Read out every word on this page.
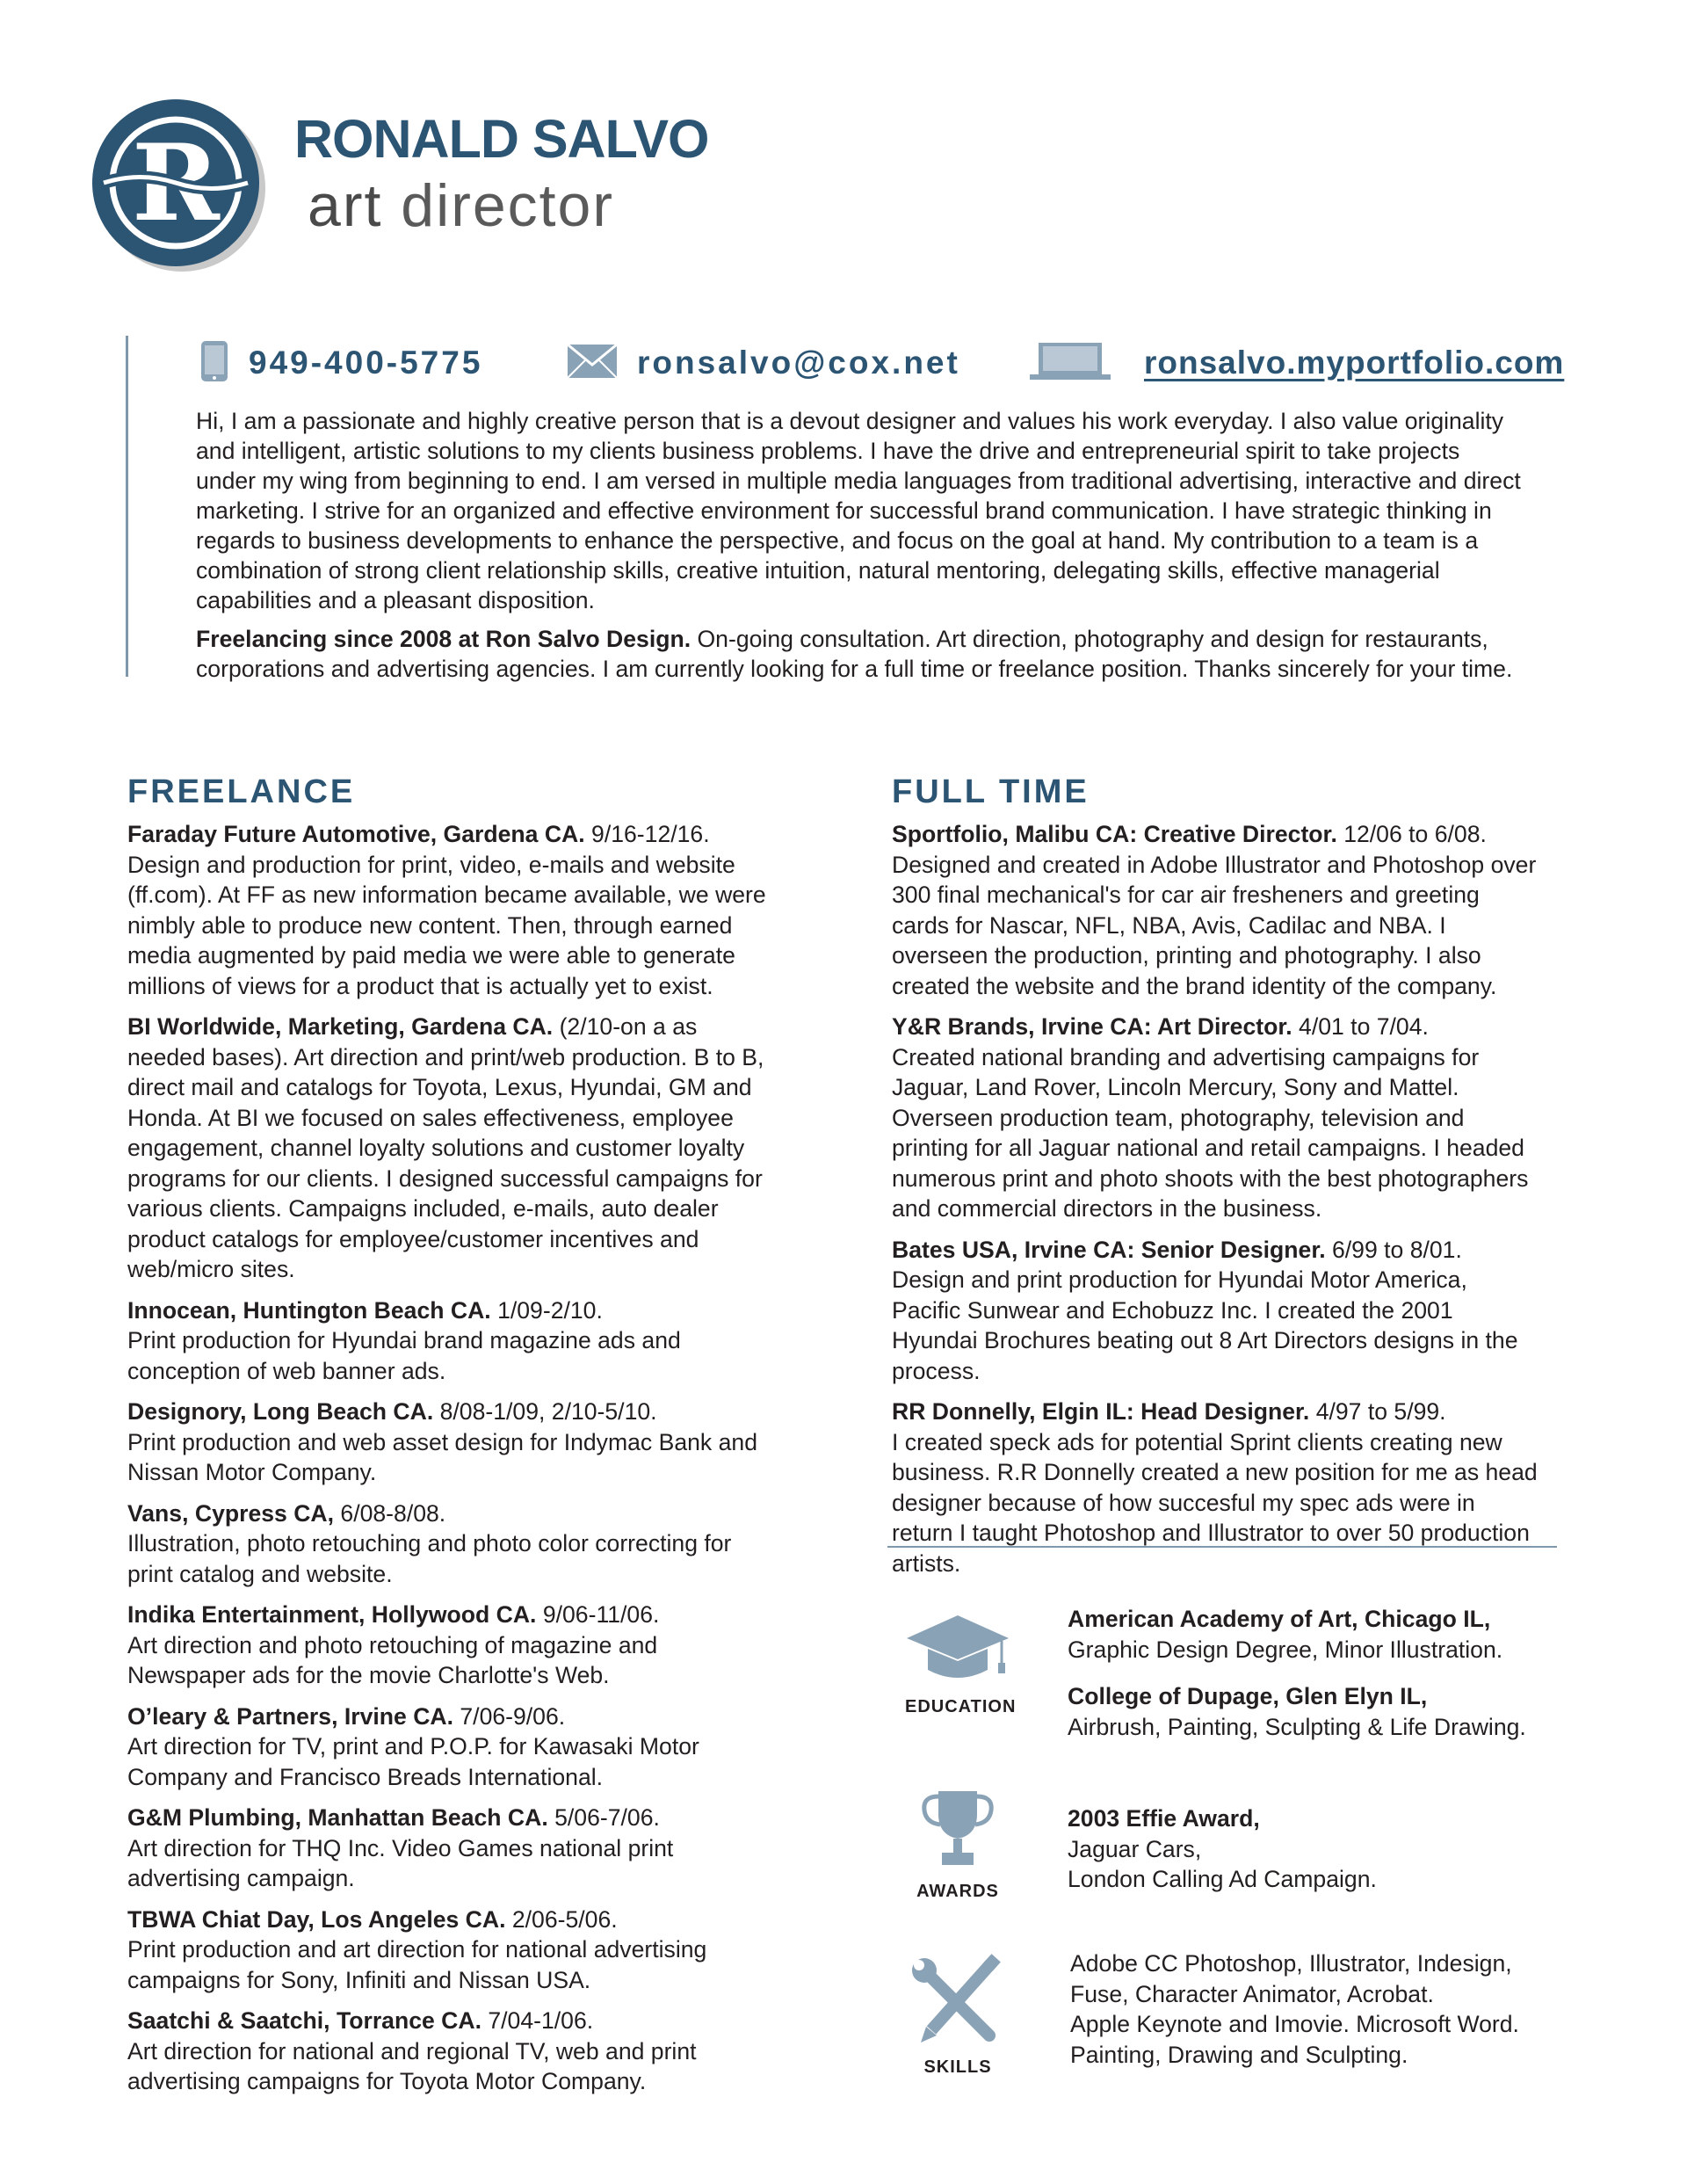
R RONALD SALVO
art director
949-400-5775	ronsalvo@cox.net	ronsalvo.myportfolio.com
Hi, I am a passionate and highly creative person that is a devout designer and values his work everyday. I also value originality and intelligent, artistic solutions to my clients business problems. I have the drive and entrepreneurial spirit to take projects under my wing from beginning to end. I am versed in multiple media languages from traditional advertising, interactive and direct marketing. I strive for an organized and effective environment for successful brand communication. I have strategic thinking in regards to business developments to enhance the perspective, and focus on the goal at hand. My contribution to a team is a combination of strong client relationship skills, creative intuition, natural mentoring, delegating skills, effective managerial capabilities and a pleasant disposition.
Freelancing since 2008 at Ron Salvo Design. On-going consultation. Art direction, photography and design for restaurants, corporations and advertising agencies. I am currently looking for a full time or freelance position. Thanks sincerely for your time.
FREELANCE
Faraday Future Automotive, Gardena CA. 9/16-12/16.
Design and production for print, video, e-mails and website (ff.com). At FF as new information became available, we were nimbly able to produce new content. Then, through earned media augmented by paid media we were able to generate millions of views for a product that is actually yet to exist.
BI Worldwide, Marketing, Gardena CA. (2/10-on a as needed bases). Art direction and print/web production. B to B, direct mail and catalogs for Toyota, Lexus, Hyundai, GM and Honda. At BI we focused on sales effectiveness, employee engagement, channel loyalty solutions and customer loyalty programs for our clients. I designed successful campaigns for various clients. Campaigns included, e-mails, auto dealer product catalogs for employee/customer incentives and web/micro sites.
Innocean, Huntington Beach CA. 1/09-2/10.
Print production for Hyundai brand magazine ads and conception of web banner ads.
Designory, Long Beach CA. 8/08-1/09, 2/10-5/10.
Print production and web asset design for Indymac Bank and Nissan Motor Company.
Vans, Cypress CA, 6/08-8/08.
Illustration, photo retouching and photo color correcting for print catalog and website.
Indika Entertainment, Hollywood CA. 9/06-11/06.
Art direction and photo retouching of magazine and Newspaper ads for the movie Charlotte's Web.
O’leary & Partners, Irvine CA. 7/06-9/06.
Art direction for TV, print and P.O.P. for Kawasaki Motor Company and Francisco Breads International.
G&M Plumbing, Manhattan Beach CA. 5/06-7/06.
Art direction for THQ Inc. Video Games national print advertising campaign.
TBWA Chiat Day, Los Angeles CA. 2/06-5/06.
Print production and art direction for national advertising campaigns for Sony, Infiniti and Nissan USA.
Saatchi & Saatchi, Torrance CA. 7/04-1/06.
Art direction for national and regional TV, web and print advertising campaigns for Toyota Motor Company.
FULL TIME
Sportfolio, Malibu CA: Creative Director. 12/06 to 6/08.
Designed and created in Adobe Illustrator and Photoshop over 300 final mechanical's for car air fresheners and greeting cards for Nascar, NFL, NBA, Avis, Cadilac and NBA. I overseen the production, printing and photography. I also created the website and the brand identity of the company.
Y&R Brands, Irvine CA: Art Director. 4/01 to 7/04.
Created national branding and advertising campaigns for Jaguar, Land Rover, Lincoln Mercury, Sony and Mattel. Overseen production team, photography, television and printing for all Jaguar national and retail campaigns. I headed numerous print and photo shoots with the best photographers and commercial directors in the business.
Bates USA, Irvine CA: Senior Designer. 6/99 to 8/01.
Design and print production for Hyundai Motor America, Pacific Sunwear and Echobuzz Inc. I created the 2001 Hyundai Brochures beating out 8 Art Directors designs in the process.
RR Donnelly, Elgin IL: Head Designer. 4/97 to 5/99.
I created speck ads for potential Sprint clients creating new business. R.R Donnelly created a new position for me as head designer because of how succesful my spec ads were in return I taught Photoshop and Illustrator to over 50 production artists.
EDUCATION
American Academy of Art, Chicago IL,
Graphic Design Degree, Minor Illustration.
College of Dupage, Glen Elyn IL,
Airbrush, Painting, Sculpting & Life Drawing.
AWARDS
2003 Effie Award,
Jaguar Cars,
London Calling Ad Campaign.
SKILLS
Adobe CC Photoshop, Illustrator, Indesign,
Fuse, Character Animator, Acrobat.
Apple Keynote and Imovie. Microsoft Word.
Painting, Drawing and Sculpting.
